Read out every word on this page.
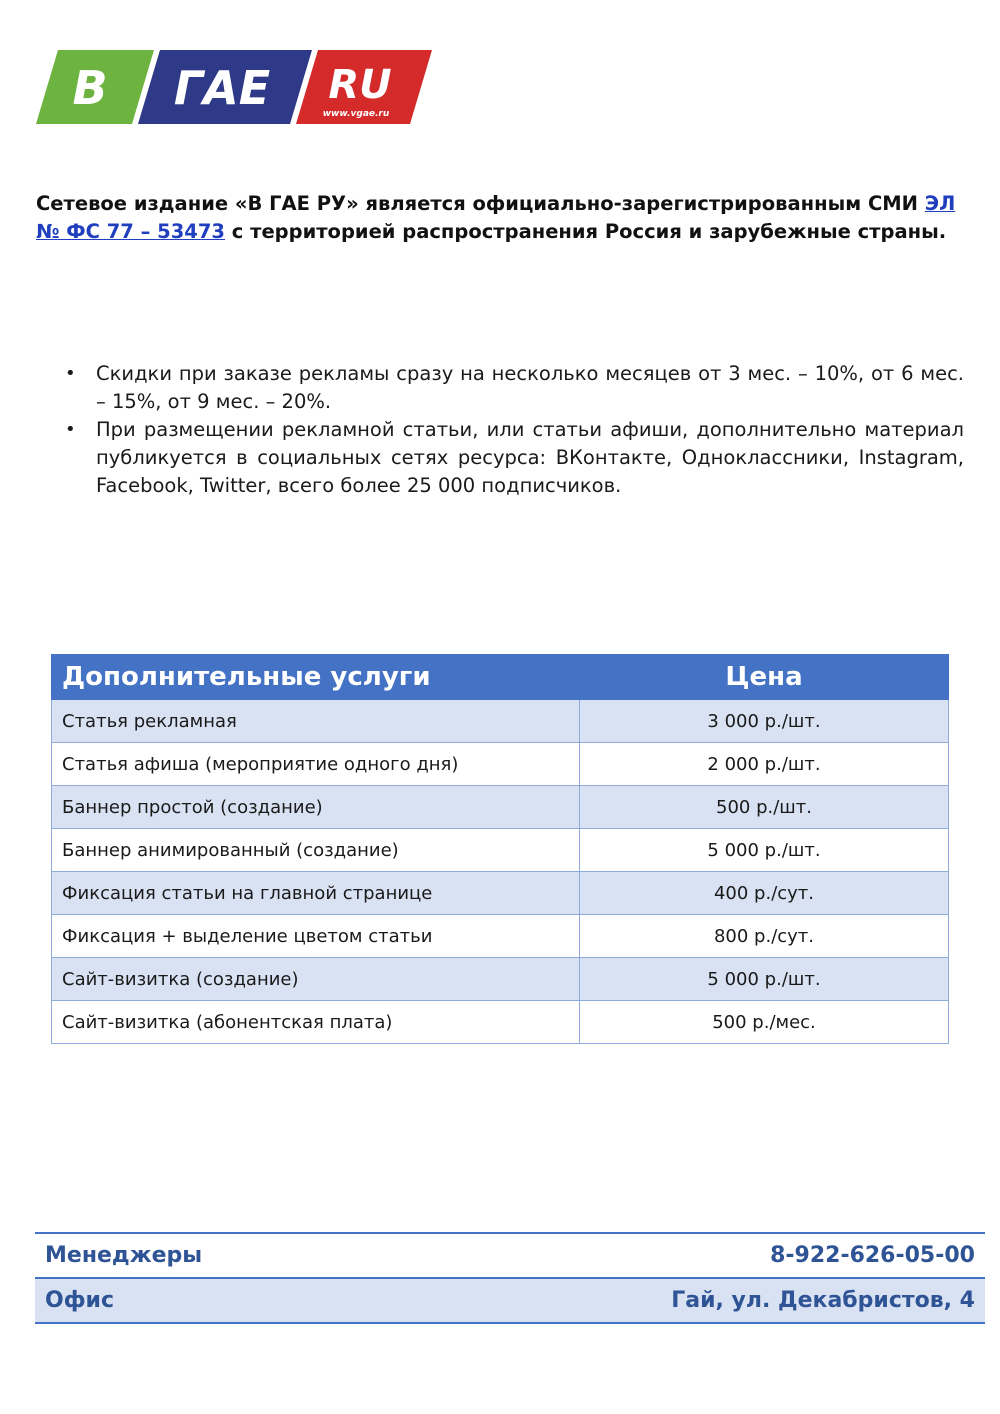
B ГАЕ RU
www.vgae.ru

Сетевое издание «В ГАЕ РУ» является официально-зарегистрированным СМИ ЭЛ № ФС 77 – 53473 с территорией распространения Россия и зарубежные страны.

• Скидки при заказе рекламы сразу на несколько месяцев от 3 мес. – 10%, от 6 мес. – 15%, от 9 мес. – 20%.
• При размещении рекламной статьи, или статьи афиши, дополнительно материал публикуется в социальных сетях ресурса: ВКонтакте, Одноклассники, Instagram, Facebook, Twitter, всего более 25 000 подписчиков.
Дополнительные услуги	Цена
Статья рекламная	3 000 р./шт.
Статья афиша (мероприятие одного дня)	2 000 р./шт.
Баннер простой (создание)	500 р./шт.
Баннер анимированный (создание)	5 000 р./шт.
Фиксация статьи на главной странице	400 р./сут.
Фиксация + выделение цветом статьи	800 р./сут.
Сайт-визитка (создание)	5 000 р./шт.
Сайт-визитка (абонентская плата)	500 р./мес.
Менеджеры	8-922-626-05-00
Офис	Гай, ул. Декабристов, 4
